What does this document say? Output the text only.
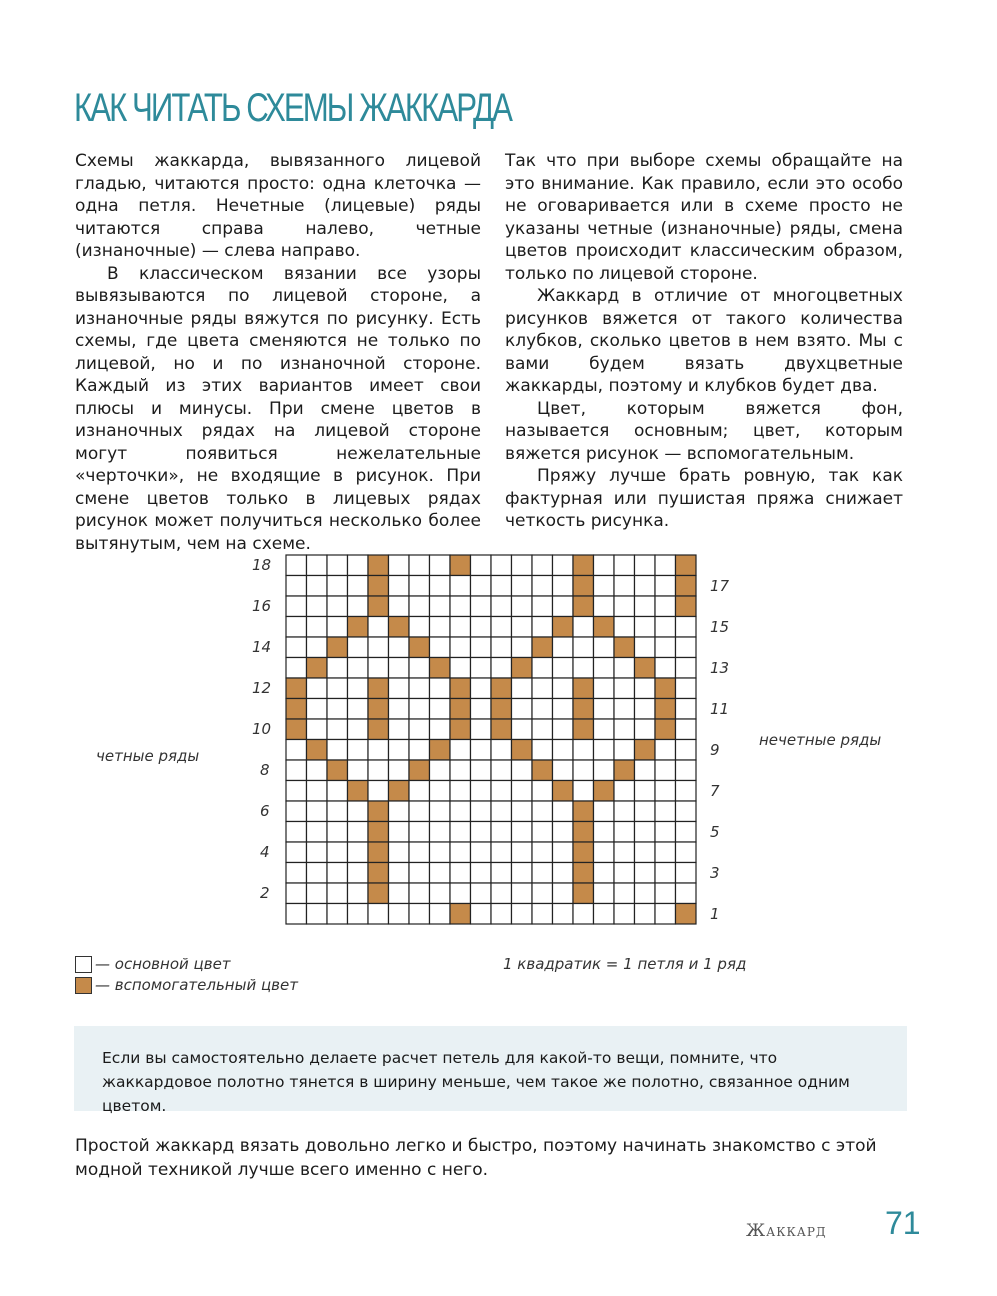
КАК ЧИТАТЬ СХЕМЫ ЖАККАРДА

Схемы жаккарда, вывязанного лицевой гладью, читаются просто: одна клеточка — одна петля. Нечетные (лицевые) ряды читаются справа налево, четные (изнаночные) — слева направо.

В классическом вязании все узоры вывязываются по лицевой стороне, а изнаночные ряды вяжутся по рисунку. Есть схемы, где цвета сменяются не только по лицевой, но и по изнаночной стороне. Каждый из этих вариантов имеет свои плюсы и минусы. При смене цветов в изнаночных рядах на лицевой стороне могут появиться нежелательные «черточки», не входящие в рисунок. При смене цветов только в лицевых рядах рисунок может получиться несколько более вытянутым, чем на схеме.

Так что при выборе схемы обращайте на это внимание. Как правило, если это особо не оговаривается или в схеме просто не указаны четные (изнаночные) ряды, смена цветов происходит классическим образом, только по лицевой стороне.

Жаккард в отличие от многоцветных рисунков вяжется от такого количества клубков, сколько цветов в нем взято. Мы с вами будем вязать двухцветные жаккарды, поэтому и клубков будет два.

Цвет, которым вяжется фон, называется основным; цвет, которым вяжется рисунок — вспомогательным.

Пряжу лучше брать ровную, так как фактурная или пушистая пряжа снижает четкость рисунка.

четные ряды
нечетные ряды
2
4
6
8
10
12
14
16
18
1
3
5
7
9
11
13
15
17
— основной цвет
— вспомогательный цвет
1 квадратик = 1 петля и 1 ряд
Если вы самостоятельно делаете расчет петель для какой-то вещи, помните, что жаккардовое полотно тянется в ширину меньше, чем такое же полотно, связанное одним цветом.
Простой жаккард вязать довольно легко и быстро, поэтому начинать знакомство с этой модной техникой лучше всего именно с него.
Жаккард 71
